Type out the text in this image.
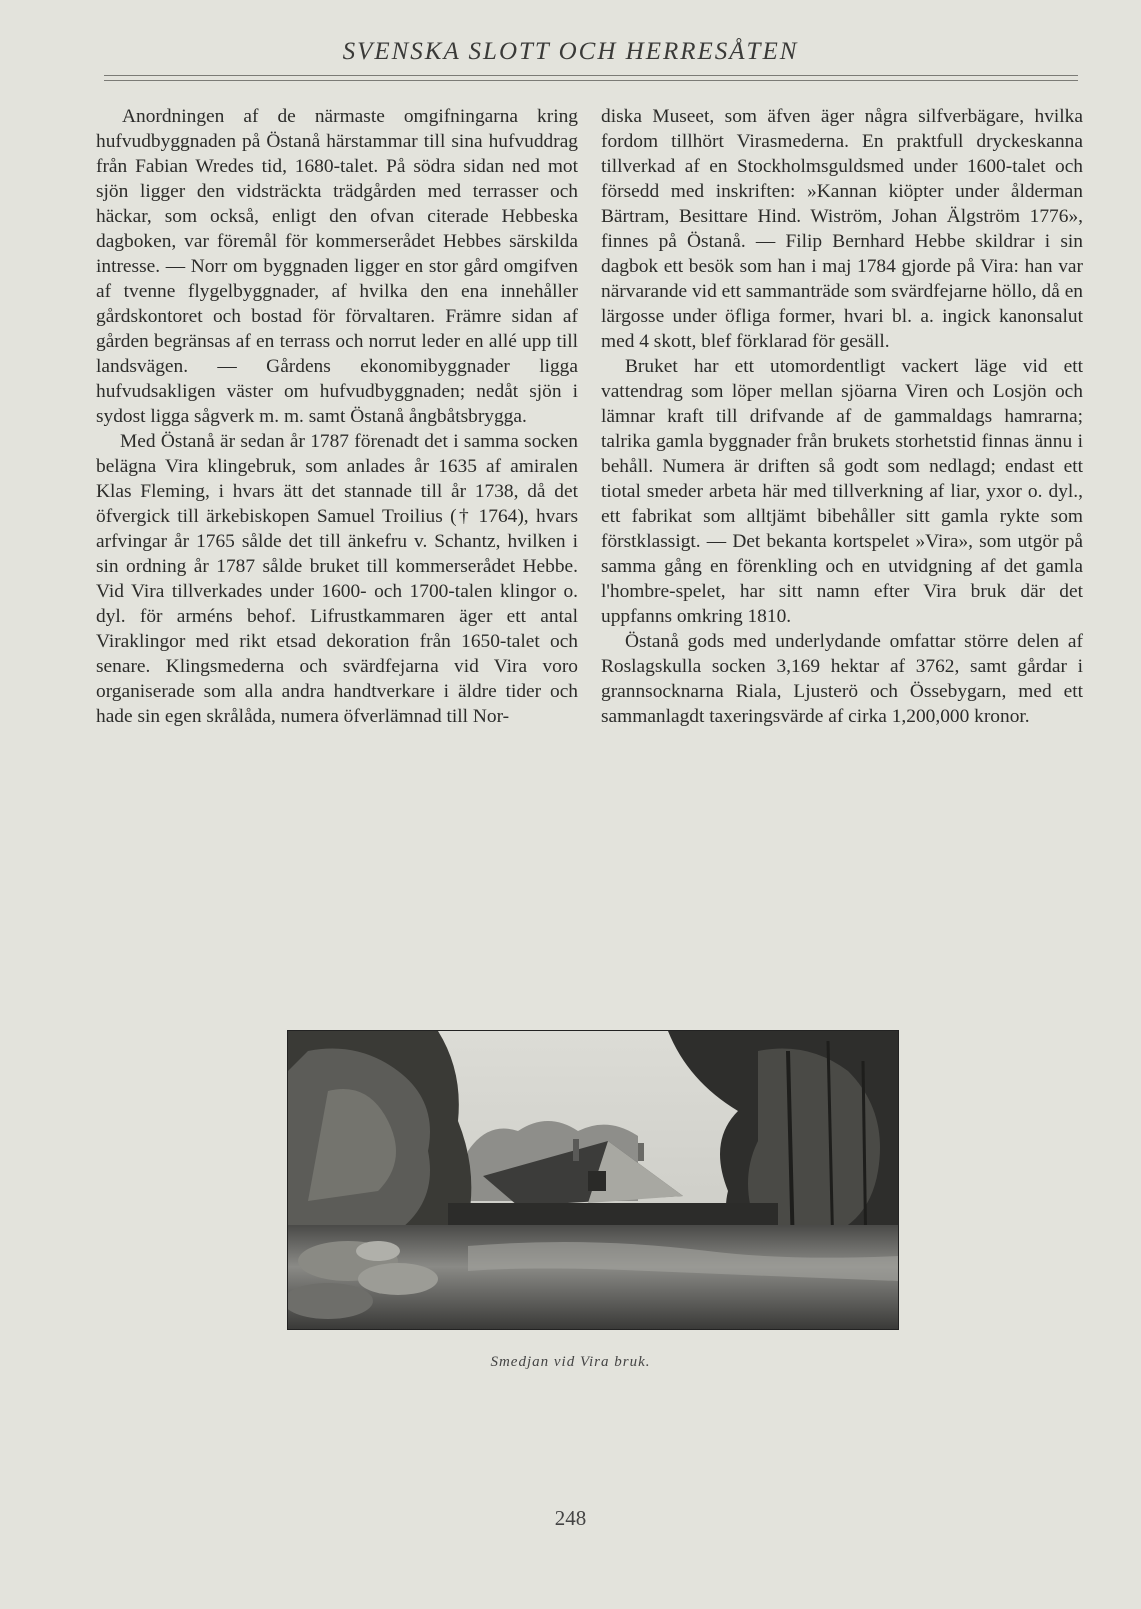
SVENSKA SLOTT OCH HERRESÅTEN

Anordningen af de närmaste omgifningarna kring hufvudbyggnaden på Östanå härstammar till sina hufvuddrag från Fabian Wredes tid, 1680-talet. På södra sidan ned mot sjön ligger den vidsträckta trädgården med terrasser och häckar, som också, enligt den ofvan citerade Hebbeska dagboken, var föremål för kommerserådet Hebbes särskilda intresse. — Norr om byggnaden ligger en stor gård omgifven af tvenne flygelbyggnader, af hvilka den ena innehåller gårdskontoret och bostad för förvaltaren. Främre sidan af gården begränsas af en terrass och norrut leder en allé upp till landsvägen. — Gårdens ekonomibyggnader ligga hufvudsakligen väster om hufvudbyggnaden; nedåt sjön i sydost ligga sågverk m. m. samt Östanå ångbåtsbrygga.

Med Östanå är sedan år 1787 förenadt det i samma socken belägna Vira klingebruk, som anlades år 1635 af amiralen Klas Fleming, i hvars ätt det stannade till år 1738, då det öfvergick till ärkebiskopen Samuel Troilius († 1764), hvars arfvingar år 1765 sålde det till änkefru v. Schantz, hvilken i sin ordning år 1787 sålde bruket till kommerserådet Hebbe. Vid Vira tillverkades under 1600- och 1700-talen klingor o. dyl. för arméns behof. Lifrustkammaren äger ett antal Viraklingor med rikt etsad dekoration från 1650-talet och senare. Klingsmederna och svärdfejarna vid Vira voro organiserade som alla andra handtverkare i äldre tider och hade sin egen skrålåda, numera öfverlämnad till Nor-

diska Museet, som äfven äger några silfverbägare, hvilka fordom tillhört Virasmederna. En praktfull dryckeskanna tillverkad af en Stockholmsguldsmed under 1600-talet och försedd med inskriften: »Kannan kiöpter under ålderman Bärtram, Besittare Hind. Wiström, Johan Älgström 1776», finnes på Östanå. — Filip Bernhard Hebbe skildrar i sin dagbok ett besök som han i maj 1784 gjorde på Vira: han var närvarande vid ett sammanträde som svärdfejarne höllo, då en lärgosse under öfliga former, hvari bl. a. ingick kanonsalut med 4 skott, blef förklarad för gesäll.

Bruket har ett utomordentligt vackert läge vid ett vattendrag som löper mellan sjöarna Viren och Losjön och lämnar kraft till drifvande af de gammaldags hamrarna; talrika gamla byggnader från brukets storhetstid finnas ännu i behåll. Numera är driften så godt som nedlagd; endast ett tiotal smeder arbeta här med tillverkning af liar, yxor o. dyl., ett fabrikat som alltjämt bibehåller sitt gamla rykte som förstklassigt. — Det bekanta kortspelet »Vira», som utgör på samma gång en förenkling och en utvidgning af det gamla l'hombre-spelet, har sitt namn efter Vira bruk där det uppfanns omkring 1810.

Östanå gods med underlydande omfattar större delen af Roslagskulla socken 3,169 hektar af 3762, samt gårdar i grannsocknarna Riala, Ljusterö och Össebygarn, med ett sammanlagdt taxeringsvärde af cirka 1,200,000 kronor.

Smedjan vid Vira bruk.
248
